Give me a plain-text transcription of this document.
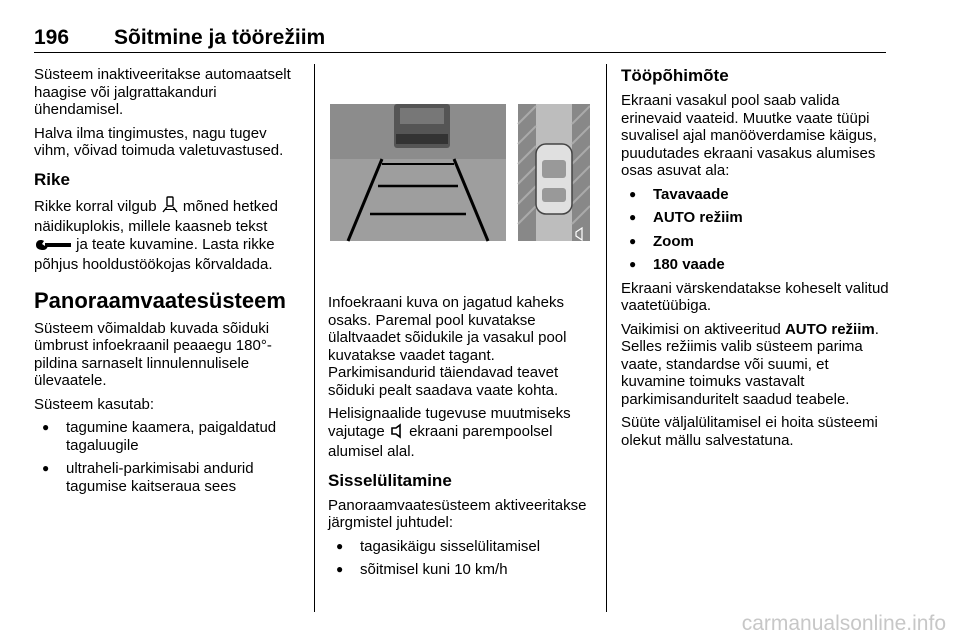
196 Sõitmine ja töörežiim

Süsteem inaktiveeritakse automaatselt haagise või jalgrattakanduri ühendamisel.

Halva ilma tingimustes, nagu tugev vihm, võivad toimuda valetuvastused.

Rike

Rikke korral vilgub mõned hetked näidikuplokis, millele kaasneb tekst
ja teate kuvamine. Lasta rikke põhjus hooldustöökojas kõrvaldada.

Panoraamvaatesüsteem

Süsteem võimaldab kuvada sõiduki ümbrust infoekraanil peaaegu 180°-pildina sarnaselt linnulennulisele ülevaatele.

Süsteem kasutab:

● tagumine kaamera, paigaldatud tagaluugile
● ultraheli-parkimisabi andurid tagumise kaitseraua sees

Infoekraani kuva on jagatud kaheks osaks. Paremal pool kuvatakse ülaltvaadet sõidukile ja vasakul pool kuvatakse vaadet tagant. Parkimisandurid täiendavad teavet sõiduki pealt saadava vaate kohta.

Helisignaalide tugevuse muutmiseks vajutage ekraani parempoolsel alumisel alal.

Sisselülitamine

Panoraamvaatesüsteem aktiveeritakse järgmistel juhtudel:

● tagasikäigu sisselülitamisel
● sõitmisel kuni 10 km/h
Tööpõhimõte

Ekraani vasakul pool saab valida erinevaid vaateid. Muutke vaate tüüpi suvalisel ajal manööverdamise käigus, puudutades ekraani vasakus alumises osas asuvat ala:

● Tavavaade
● AUTO režiim
● Zoom
● 180 vaade

Ekraani värskendatakse koheselt valitud vaatetüübiga.

Vaikimisi on aktiveeritud AUTO režiim. Selles režiimis valib süsteem parima vaate, standardse või suumi, et kuvamine toimuks vastavalt parkimisanduritelt saadud teabele.

Süüte väljalülitamisel ei hoita süsteemi olekut mällu salvestatuna.

carmanualsonline.info
